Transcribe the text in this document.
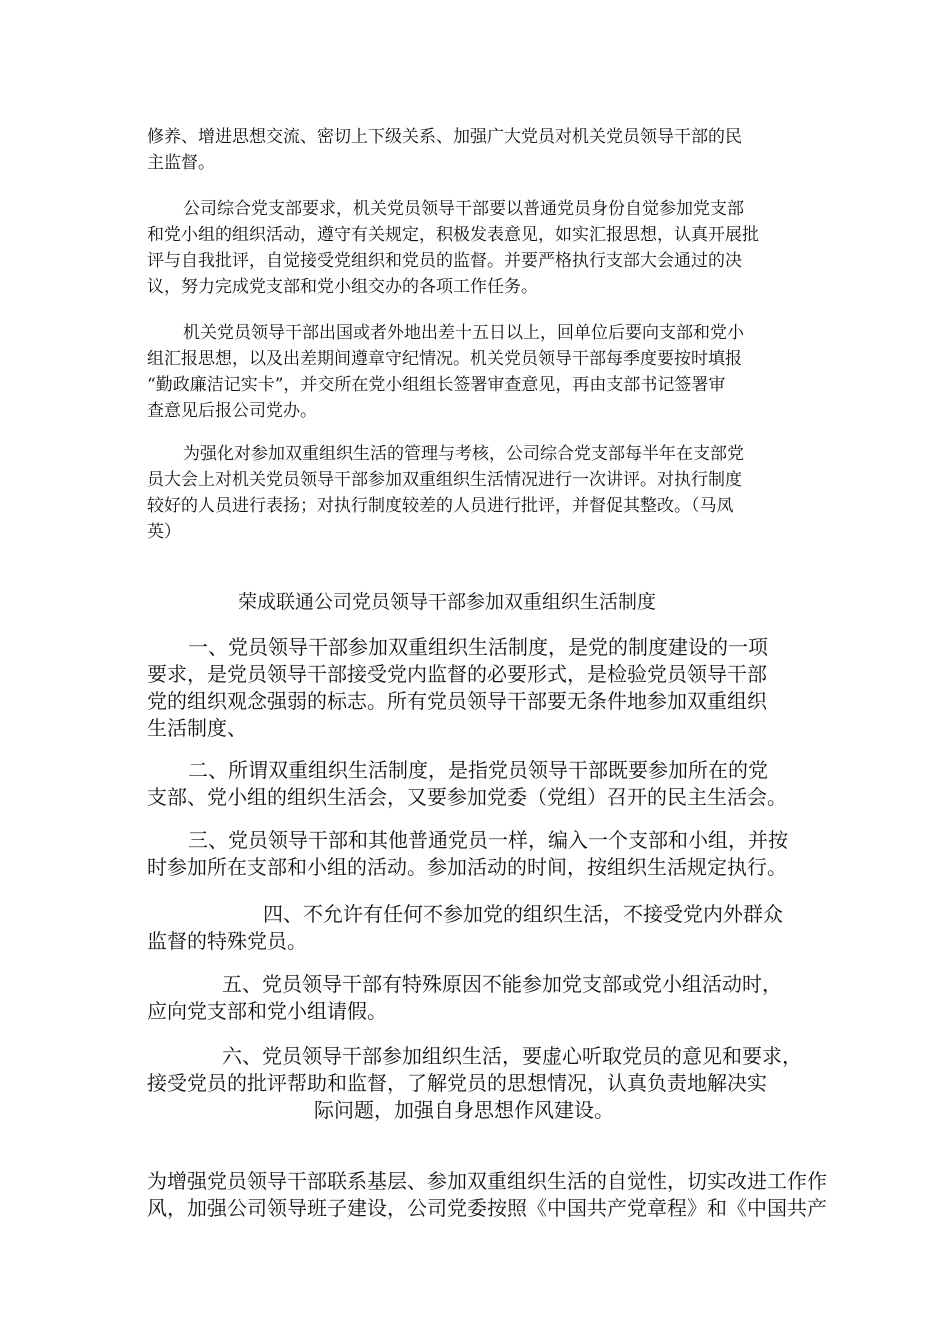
修养、增进思想交流、密切上下级关系、加强广大党员对机关党员领导干部的民
主监督。
公司综合党支部要求，机关党员领导干部要以普通党员身份自觉参加党支部
和党小组的组织活动，遵守有关规定，积极发表意见，如实汇报思想，认真开展批
评与自我批评，自觉接受党组织和党员的监督。并要严格执行支部大会通过的决
议，努力完成党支部和党小组交办的各项工作任务。
机关党员领导干部出国或者外地出差十五日以上，回单位后要向支部和党小
组汇报思想，以及出差期间遵章守纪情况。机关党员领导干部每季度要按时填报
“勤政廉洁记实卡”，并交所在党小组组长签署审查意见，再由支部书记签署审
查意见后报公司党办。
为强化对参加双重组织生活的管理与考核，公司综合党支部每半年在支部党
员大会上对机关党员领导干部参加双重组织生活情况进行一次讲评。对执行制度
较好的人员进行表扬；对执行制度较差的人员进行批评，并督促其整改。（马凤
英）
荣成联通公司党员领导干部参加双重组织生活制度
一、党员领导干部参加双重组织生活制度，是党的制度建设的一项
要求，是党员领导干部接受党内监督的必要形式，是检验党员领导干部
党的组织观念强弱的标志。所有党员领导干部要无条件地参加双重组织
生活制度、
二、所谓双重组织生活制度，是指党员领导干部既要参加所在的党
支部、党小组的组织生活会，又要参加党委（党组）召开的民主生活会。
三、党员领导干部和其他普通党员一样，编入一个支部和小组，并按
时参加所在支部和小组的活动。参加活动的时间，按组织生活规定执行。
四、不允许有任何不参加党的组织生活，不接受党内外群众
监督的特殊党员。
五、党员领导干部有特殊原因不能参加党支部或党小组活动时，
应向党支部和党小组请假。
六、党员领导干部参加组织生活，要虚心听取党员的意见和要求，
接受党员的批评帮助和监督，了解党员的思想情况，认真负责地解决实
际问题，加强自身思想作风建设。
为增强党员领导干部联系基层、参加双重组织生活的自觉性，切实改进工作作
风，加强公司领导班子建设，公司党委按照《中国共产党章程》和《中国共产
